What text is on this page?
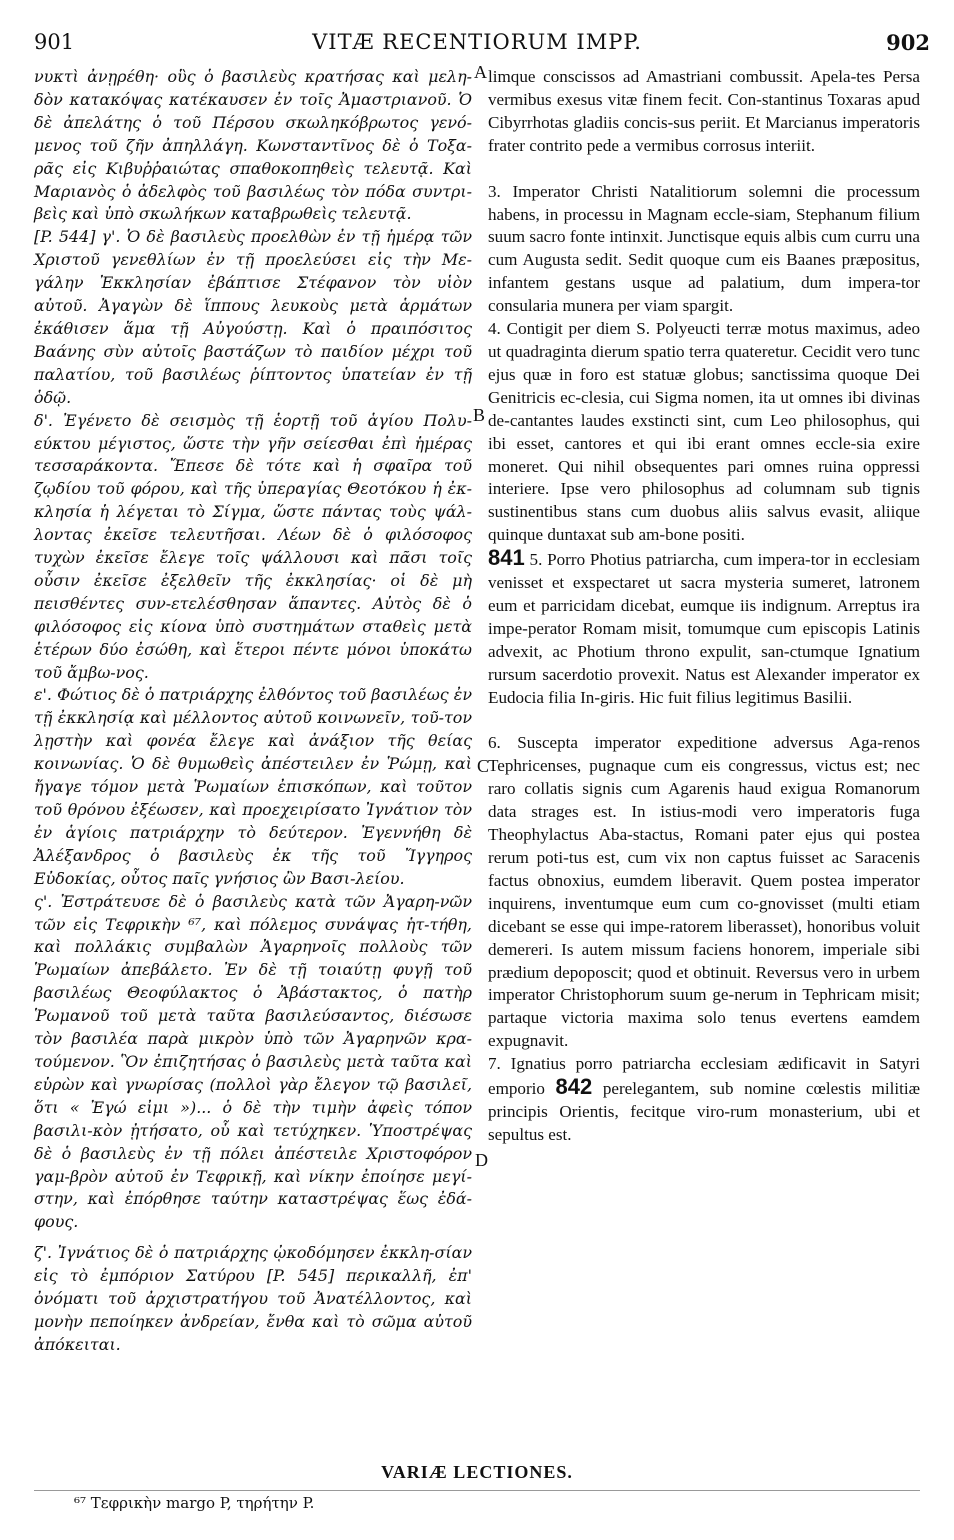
901	VITÆ RECENTIORUM IMPP.	902

νυκτὶ ἀνῃρέθη· οὓς ὁ βασιλεὺς κρατήσας καὶ μελη-δὸν κατακόψας κατέκαυσεν ἐν τοῖς Ἀμαστριανοῦ. Ὁ δὲ ἀπελάτης ὁ τοῦ Πέρσου σκωληκόβρωτος γενό-μενος τοῦ ζῆν ἀπηλλάγη. Κωνσταντῖνος δὲ ὁ Τοξα-ρᾶς εἰς Κιβυῤῥαιώτας σπαθοκοπηθεὶς τελευτᾷ. Καὶ Μαριανὸς ὁ ἀδελφὸς τοῦ βασιλέως τὸν πόδα συντρι-βεὶς καὶ ὑπὸ σκωλήκων καταβρωθεὶς τελευτᾷ.

[P. 544] γ'. Ὁ δὲ βασιλεὺς προελθὼν ἐν τῇ ἡμέρᾳ τῶν Χριστοῦ γενεθλίων ἐν τῇ προελεύσει εἰς τὴν Με-γάλην Ἐκκλησίαν ἐβάπτισε Στέφανον τὸν υἱὸν αὐτοῦ. Ἀγαγὼν δὲ ἵππους λευκοὺς μετὰ ἁρμάτων ἐκάθισεν ἅμα τῇ Αὐγούστῃ. Καὶ ὁ πραιπόσιτος Βαάνης σὺν αὐτοῖς βαστάζων τὸ παιδίον μέχρι τοῦ παλατίου, τοῦ βασιλέως ῥίπτοντος ὑπατείαν ἐν τῇ ὁδῷ.

δ'. Ἐγένετο δὲ σεισμὸς τῇ ἑορτῇ τοῦ ἁγίου Πολυ-εύκτου μέγιστος, ὥστε τὴν γῆν σείεσθαι ἐπὶ ἡμέρας τεσσαράκοντα. Ἔπεσε δὲ τότε καὶ ἡ σφαῖρα τοῦ ζῳδίου τοῦ φόρου, καὶ τῆς ὑπεραγίας Θεοτόκου ἡ ἐκ-κλησία ἡ λέγεται τὸ Σίγμα, ὥστε πάντας τοὺς ψάλ-λοντας ἐκεῖσε τελευτῆσαι. Λέων δὲ ὁ φιλόσοφος τυχὼν ἐκεῖσε ἔλεγε τοῖς ψάλλουσι καὶ πᾶσι τοῖς οὖσιν ἐκεῖσε ἐξελθεῖν τῆς ἐκκλησίας· οἱ δὲ μὴ πεισθέντες συν-ετελέσθησαν ἅπαντες. Αὐτὸς δὲ ὁ φιλόσοφος εἰς κίονα ὑπὸ συστημάτων σταθεὶς μετὰ ἑτέρων δύο ἐσώθη, καὶ ἕτεροι πέντε μόνοι ὑποκάτω τοῦ ἄμβω-νος.

ε'. Φώτιος δὲ ὁ πατριάρχης ἐλθόντος τοῦ βασιλέως ἐν τῇ ἐκκλησίᾳ καὶ μέλλοντος αὐτοῦ κοινωνεῖν, τοῦ-τον λῃστὴν καὶ φονέα ἔλεγε καὶ ἀνάξιον τῆς θείας κοινωνίας. Ὁ δὲ θυμωθεὶς ἀπέστειλεν ἐν Ῥώμῃ, καὶ ἤγαγε τόμον μετὰ Ῥωμαίων ἐπισκόπων, καὶ τοῦτον τοῦ θρόνου ἐξέωσεν, καὶ προεχειρίσατο Ἰγνάτιον τὸν ἐν ἁγίοις πατριάρχην τὸ δεύτερον. Ἐγεννήθη δὲ Ἀλέξανδρος ὁ βασιλεὺς ἐκ τῆς τοῦ Ἴγγηρος Εὐδοκίας, οὗτος παῖς γνήσιος ὢν Βασι-λείου.

ς'. Ἐστράτευσε δὲ ὁ βασιλεὺς κατὰ τῶν Ἀγαρη-νῶν τῶν εἰς Τεφρικὴν ⁶⁷, καὶ πόλεμος συνάψας ἡτ-τήθη, καὶ πολλάκις συμβαλὼν Ἀγαρηνοῖς πολλοὺς τῶν Ῥωμαίων ἀπεβάλετο. Ἐν δὲ τῇ τοιαύτῃ φυγῇ τοῦ βασιλέως Θεοφύλακτος ὁ Ἀβάστακτος, ὁ πατὴρ Ῥωμανοῦ τοῦ μετὰ ταῦτα βασιλεύσαντος, διέσωσε τὸν βασιλέα παρὰ μικρὸν ὑπὸ τῶν Ἀγαρηνῶν κρα-τούμενον. Ὃν ἐπιζητήσας ὁ βασιλεὺς μετὰ ταῦτα καὶ εὑρὼν καὶ γνωρίσας (πολλοὶ γὰρ ἔλεγον τῷ βασιλεῖ, ὅτι « Ἐγώ εἰμι »)... ὁ δὲ τὴν τιμὴν ἀφεὶς τόπον βασιλι-κὸν ᾐτήσατο, οὗ καὶ τετύχηκεν. Ὑποστρέψας δὲ ὁ βασιλεὺς ἐν τῇ πόλει ἀπέστειλε Χριστοφόρον γαμ-βρὸν αὐτοῦ ἐν Τεφρικῇ, καὶ νίκην ἐποίησε μεγί-στην, καὶ ἐπόρθησε ταύτην καταστρέψας ἕως ἐδά-φους.

ζ'. Ἰγνάτιος δὲ ὁ πατριάρχης ᾠκοδόμησεν ἐκκλη-σίαν εἰς τὸ ἐμπόριον Σατύρου [P. 545] περικαλλῆ, ἐπ' ὀνόματι τοῦ ἀρχιστρατήγου τοῦ Ἀνατέλλοντος, καὶ μονὴν πεποίηκεν ἀνδρείαν, ἔνθα καὶ τὸ σῶμα αὐτοῦ ἀπόκειται.

A
B
C
D

limque conscissos ad Amastriani combussit. Apela-tes Persa vermibus exesus vitæ finem fecit. Con-stantinus Toxaras apud Cibyrrhotas gladiis concis-sus periit. Et Marcianus imperatoris frater contrito pede a vermibus corrosus interiit.

3. Imperator Christi Natalitiorum solemni die processum habens, in processu in Magnam eccle-siam, Stephanum filium suum sacro fonte intinxit. Junctisque equis albis cum curru una cum Augusta sedit. Sedit quoque cum eis Baanes præpositus, infantem gestans usque ad palatium, dum impera-tor consularia munera per viam spargit.

4. Contigit per diem S. Polyeucti terræ motus maximus, adeo ut quadraginta dierum spatio terra quateretur. Cecidit vero tunc ejus quæ in foro est statuæ globus; sanctissima quoque Dei Genitricis ec-clesia, cui Sigma nomen, ita ut omnes ibi divinas de-cantantes laudes exstincti sint, cum Leo philosophus, qui ibi esset, cantores et qui ibi erant omnes eccle-sia exire moneret. Qui nihil obsequentes pari omnes ruina oppressi interiere. Ipse vero philosophus ad columnam sub tignis sustinentibus stans cum duobus aliis salvus evasit, aliique quinque duntaxat sub am-bone positi.

841 5. Porro Photius patriarcha, cum impera-tor in ecclesiam venisset et exspectaret ut sacra mysteria sumeret, latronem eum et parricidam dicebat, eumque iis indignum. Arreptus ira impe-perator Romam misit, tomumque cum episcopis Latinis advexit, ac Photium throno expulit, san-ctumque Ignatium rursum sacerdotio provexit. Natus est Alexander imperator ex Eudocia filia In-giris. Hic fuit filius legitimus Basilii.

6. Suscepta imperator expeditione adversus Aga-renos Tephricenses, pugnaque cum eis congressus, victus est; nec raro collatis signis cum Agarenis haud exigua Romanorum data strages est. In istius-modi vero imperatoris fuga Theophylactus Aba-stactus, Romani pater ejus qui postea rerum poti-tus est, cum vix non captus fuisset ac Saracenis factus obnoxius, eumdem liberavit. Quem postea imperator inquirens, inventumque eum cum co-gnovisset (multi etiam dicebant se esse qui impe-ratorem liberasset), honoribus voluit demereri. Is autem missum faciens honorem, imperiale sibi prædium depoposcit; quod et obtinuit. Reversus vero in urbem imperator Christophorum suum ge-nerum in Tephricam misit; partaque victoria maxima solo tenus evertens eamdem expugnavit.

7. Ignatius porro patriarcha ecclesiam ædificavit in Satyri emporio 842 perelegantem, sub nomine cœlestis militiæ principis Orientis, fecitque viro-rum monasterium, ubi et sepultus est.

VARIÆ LECTIONES.
⁶⁷ Τεφρικὴν margo P, τηρήτην P.
